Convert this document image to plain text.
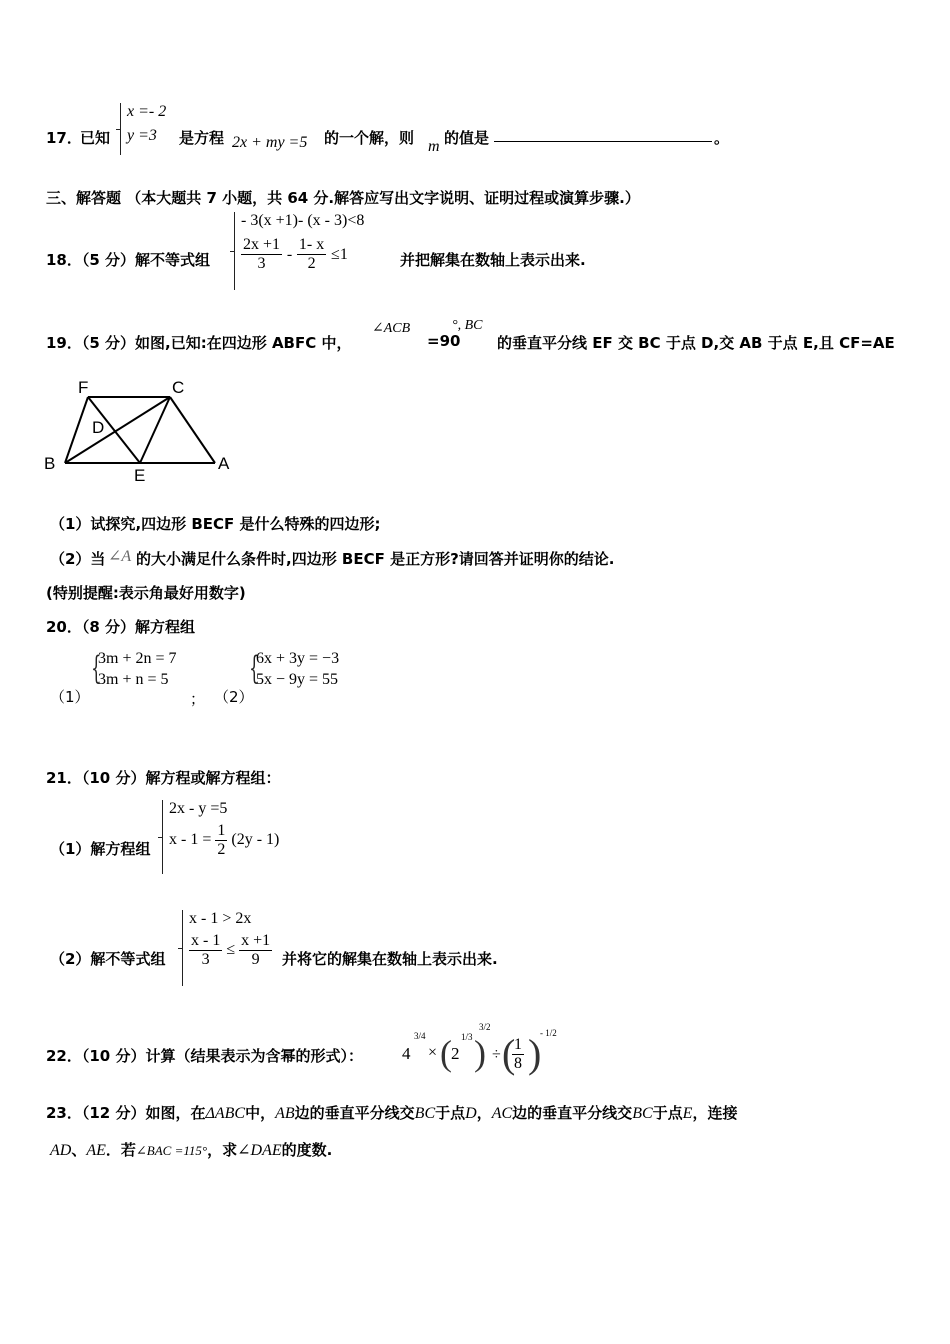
17．
已知
x =- 2
y =3	是方程 2x + my =5 的一个解，则 m 的值是	。
三、解答题 （本大题共 7 小题，共 64 分.解答应写出文字说明、证明过程或演算步骤.）
18．（5 分）解不等式组
- 3(x +1)- (x - 3)<8
$\frac{2x +1}{3} - \frac{1- x}{2} \le 1$	并把解集在数轴上表示出来.
19．（5 分）如图,已知:在四边形 ABFC 中，
∠ACB
=90
°, BC
的垂直平分线 EF 交 BC 于点 D,交 AB 于点 E,且 CF=AE
F	C
D
B
E
A
（1）试探究,四边形 BECF 是什么特殊的四边形;
（2）当 ∠A 的大小满足什么条件时,四边形 BECF 是正方形?请回答并证明你的结论.
(特别提醒:表示角最好用数字)
20．（8 分）解方程组
（1）
{
3m + 2n = 7
3m + n = 5
； （2）
{
6x + 3y = −3
5x − 9y = 55
21．（10 分）解方程或解方程组：
（1）解方程组
2x - y =5
$x - 1 = \frac{1}{2} (2y - 1)$
（2）解不等式组
x - 1 > 2x
$\frac{x - 1}{3} \le \frac{x +1}{9}$ 并将它的解集在数轴上表示出来.
22．（10 分）计算（结果表示为含幂的形式）： 4
3/4
× ( 2
1/3 )
3/2
÷ (
$\frac{1}{8}$ )
- 1/2
23．（12 分）如图，在ΔABC中，AB边的垂直平分线交BC于点D，AC边的垂直平分线交BC于点E，连接
AD、AE．若∠BAC =115°，求∠DAE的度数.
